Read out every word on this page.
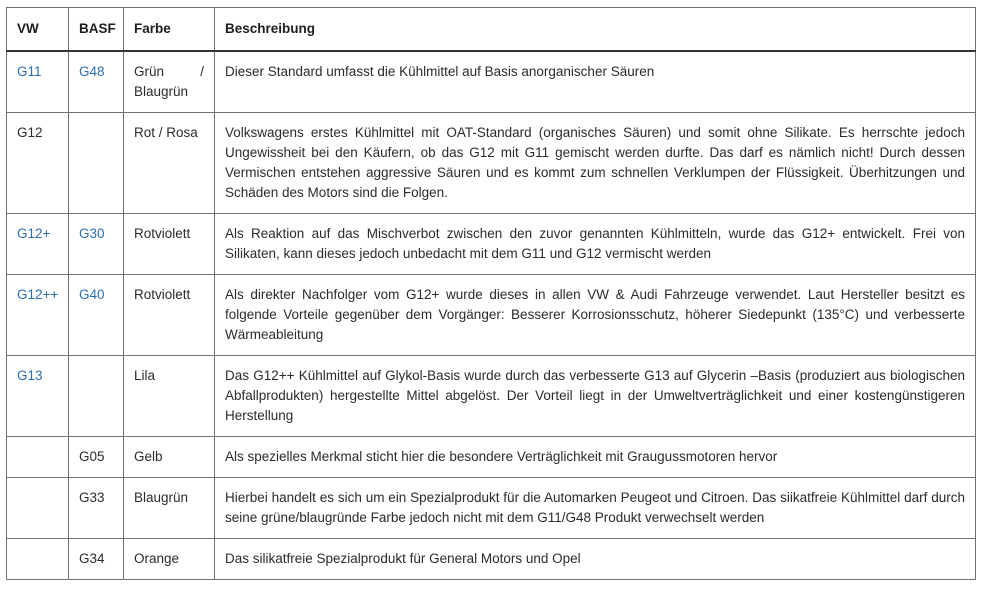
VW	BASF	Farbe	Beschreibung
G11	G48	Grün / Blaugrün	Dieser Standard umfasst die Kühlmittel auf Basis anorganischer Säuren
G12		Rot / Rosa	Volkswagens erstes Kühlmittel mit OAT-Standard (organisches Säuren) und somit ohne Silikate. Es herrschte jedoch Ungewissheit bei den Käufern, ob das G12 mit G11 gemischt werden durfte. Das darf es nämlich nicht! Durch dessen Vermischen entstehen aggressive Säuren und es kommt zum schnellen Verklumpen der Flüssigkeit. Überhitzungen und Schäden des Motors sind die Folgen.
G12+	G30	Rotviolett	Als Reaktion auf das Mischverbot zwischen den zuvor genannten Kühlmitteln, wurde das G12+ entwickelt. Frei von Silikaten, kann dieses jedoch unbedacht mit dem G11 und G12 vermischt werden
G12++	G40	Rotviolett	Als direkter Nachfolger vom G12+ wurde dieses in allen VW & Audi Fahrzeuge verwendet. Laut Hersteller besitzt es folgende Vorteile gegenüber dem Vorgänger: Besserer Korrosionsschutz, höherer Siedepunkt (135°C) und verbesserte Wärmeableitung
G13		Lila	Das G12++ Kühlmittel auf Glykol-Basis wurde durch das verbesserte G13 auf Glycerin –Basis (produziert aus biologischen Abfallprodukten) hergestellte Mittel abgelöst. Der Vorteil liegt in der Umweltverträglichkeit und einer kostengünstigeren Herstellung
	G05	Gelb	Als spezielles Merkmal sticht hier die besondere Verträglichkeit mit Graugussmotoren hervor
	G33	Blaugrün	Hierbei handelt es sich um ein Spezialprodukt für die Automarken Peugeot und Citroen. Das siikatfreie Kühlmittel darf durch seine grüne/blaugründe Farbe jedoch nicht mit dem G11/G48 Produkt verwechselt werden
	G34	Orange	Das silikatfreie Spezialprodukt für General Motors und Opel
